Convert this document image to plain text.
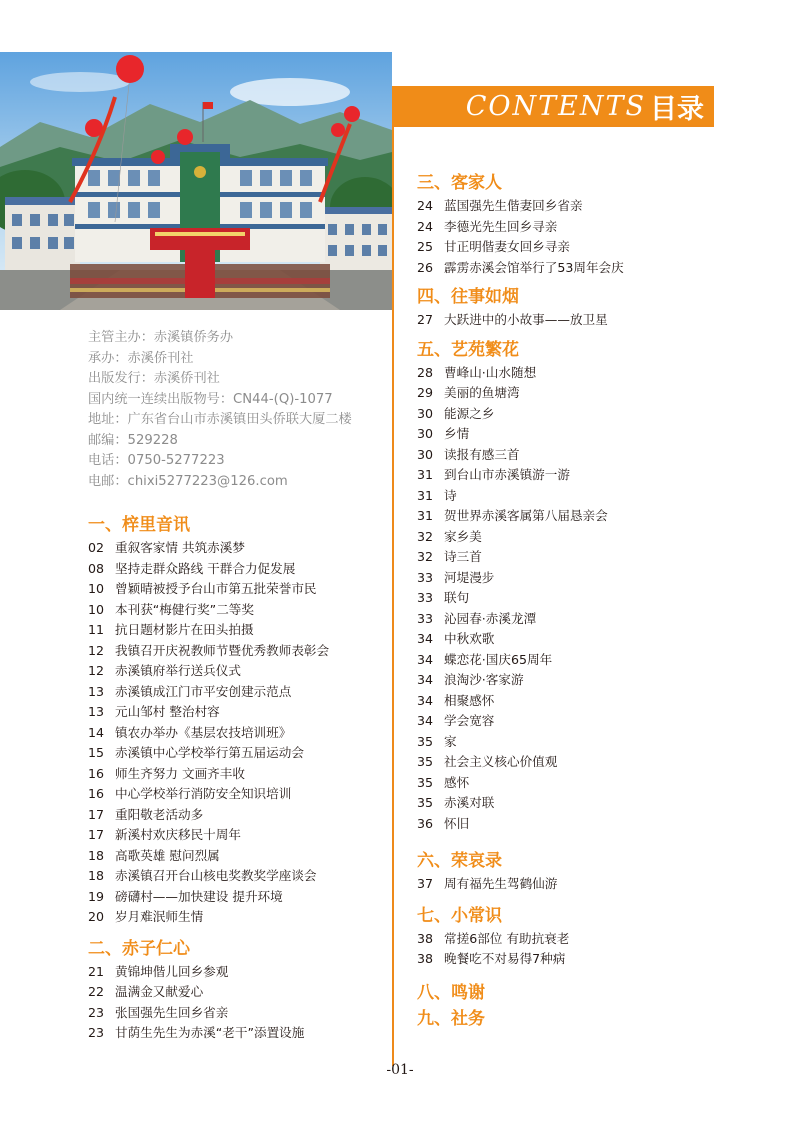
CONTENTS 目录
主管主办：赤溪镇侨务办
承办：赤溪侨刊社
出版发行：赤溪侨刊社
国内统一连续出版物号：CN44-(Q)-1077
地址：广东省台山市赤溪镇田头侨联大厦二楼
邮编：529228
电话：0750-5277223
电邮：chixi5277223@126.com
一、梓里音讯
02 重叙客家情 共筑赤溪梦
08 坚持走群众路线 干群合力促发展
10 曾颖晴被授予台山市第五批荣誉市民
10 本刊获“梅健行奖”二等奖
11 抗日题材影片在田头拍摄
12 我镇召开庆祝教师节暨优秀教师表彰会
12 赤溪镇府举行送兵仪式
13 赤溪镇成江门市平安创建示范点
13 元山邹村 整治村容
14 镇农办举办《基层农技培训班》
15 赤溪镇中心学校举行第五届运动会
16 师生齐努力 文画齐丰收
16 中心学校举行消防安全知识培训
17 重阳敬老活动多
17 新溪村欢庆移民十周年
18 高歌英雄 慰问烈属
18 赤溪镇召开台山核电奖教奖学座谈会
19 磅礴村——加快建设 提升环境
20 岁月难泯师生情
二、赤子仁心
21 黄锦坤偕儿回乡参观
22 温满金又献爱心
23 张国强先生回乡省亲
23 甘荫生先生为赤溪“老干”添置设施
三、客家人
24 蓝国强先生偕妻回乡省亲
24 李德光先生回乡寻亲
25 甘正明偕妻女回乡寻亲
26 霹雳赤溪会馆举行了53周年会庆
四、往事如烟
27 大跃进中的小故事——放卫星
五、艺苑繁花
28 曹峰山·山水随想
29 美丽的鱼塘湾
30 能源之乡
30 乡情
30 读报有感三首
31 到台山市赤溪镇游一游
31 诗
31 贺世界赤溪客属第八届恳亲会
32 家乡美
32 诗三首
33 河堤漫步
33 联句
33 沁园春·赤溪龙潭
34 中秋欢歌
34 蝶恋花·国庆65周年
34 浪淘沙·客家游
34 相聚感怀
34 学会宽容
35 家
35 社会主义核心价值观
35 感怀
35 赤溪对联
36 怀旧
六、荣哀录
37 周有福先生驾鹤仙游
七、小常识
38 常搓6部位 有助抗衰老
38 晚餐吃不对易得7种病
八、鸣谢
九、社务
-01-
